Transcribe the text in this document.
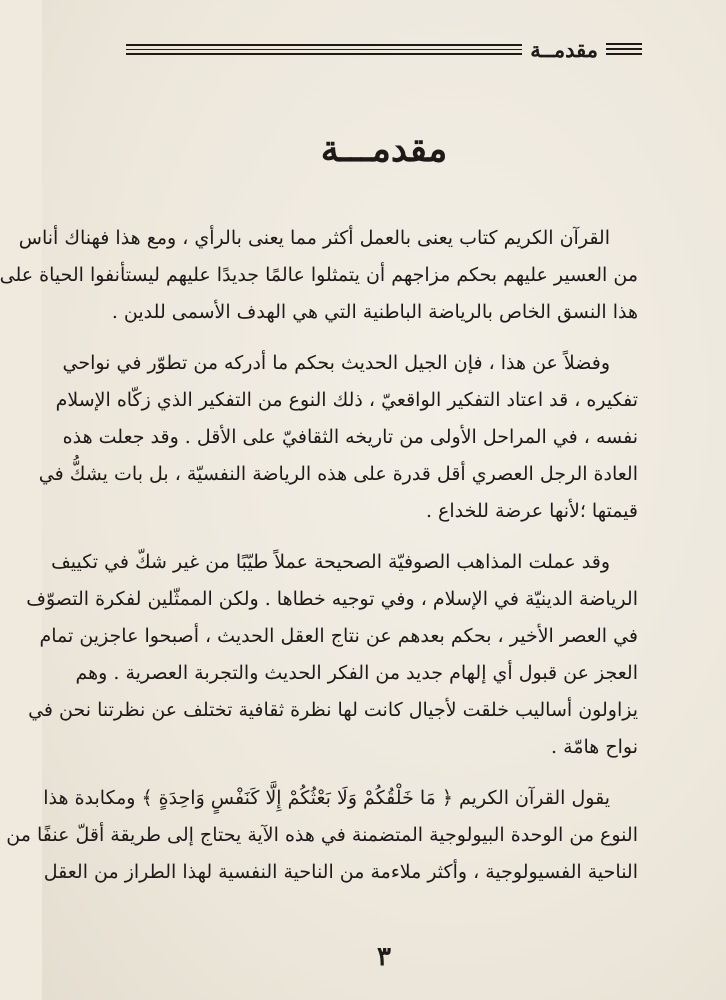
مقدمــة
مقدمـــة
القرآن الكريم كتاب يعنى بالعمل أكثر مما يعنى بالرأي ، ومع هذا فهناك أناس
من العسير عليهم بحكم مزاجهم أن يتمثلوا عالمًا جديدًا عليهم ليستأنفوا الحياة على
هذا النسق الخاص بالرياضة الباطنية التي هي الهدف الأسمى للدين .
وفضلاً عن هذا ، فإن الجيل الحديث بحكم ما أدركه من تطوّر في نواحي
تفكيره ، قد اعتاد التفكير الواقعيّ ، ذلك النوع من التفكير الذي زكّاه الإسلام
نفسه ، في المراحل الأولى من تاريخه الثقافيّ على الأقل . وقد جعلت هذه
العادة الرجل العصري أقل قدرة على هذه الرياضة النفسيّة ، بل بات يشكُّ في
قيمتها ؛لأنها عرضة للخداع .
وقد عملت المذاهب الصوفيّة الصحيحة عملاً طيّبًا من غير شكّ في تكييف
الرياضة الدينيّة في الإسلام ، وفي توجيه خطاها . ولكن الممثّلين لفكرة التصوّف
في العصر الأخير ، بحكم بعدهم عن نتاج العقل الحديث ، أصبحوا عاجزين تمام
العجز عن قبول أي إلهام جديد من الفكر الحديث والتجربة العصرية . وهم
يزاولون أساليب خلقت لأجيال كانت لها نظرة ثقافية تختلف عن نظرتنا نحن في
نواح هامّة .
يقول القرآن الكريم ﴿ مَا خَلْقُكُمْ وَلَا بَعْثُكُمْ إِلَّا كَنَفْسٍ وَاحِدَةٍ ﴾ ومكابدة هذا
النوع من الوحدة البيولوجية المتضمنة في هذه الآية يحتاج إلى طريقة أقلّ عنفًا من
الناحية الفسيولوجية ، وأكثر ملاءمة من الناحية النفسية لهذا الطراز من العقل
٣
